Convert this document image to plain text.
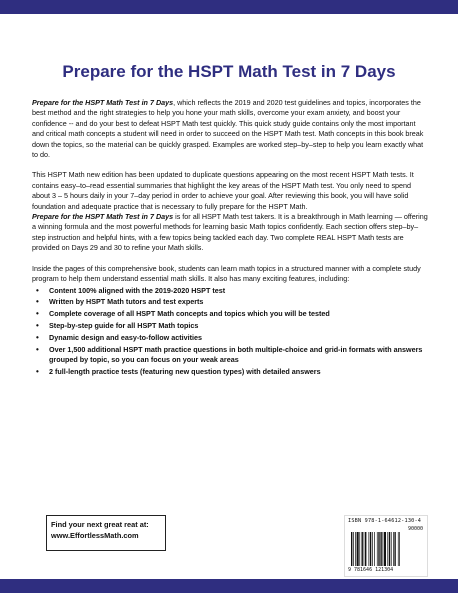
Prepare for the HSPT Math Test in 7 Days

Prepare for the HSPT Math Test in 7 Days, which reflects the 2019 and 2020 test guidelines and topics, incorporates the best method and the right strategies to help you hone your math skills, overcome your exam anxiety, and boost your confidence -- and do your best to defeat HSPT Math test quickly. This quick study guide contains only the most important and critical math concepts a student will need in order to succeed on the HSPT Math test. Math concepts in this book break down the topics, so the material can be quickly grasped. Examples are worked step–by–step to help you learn exactly what to do.

This HSPT Math new edition has been updated to duplicate questions appearing on the most recent HSPT Math tests. It contains easy–to–read essential summaries that highlight the key areas of the HSPT Math test. You only need to spend about 3 – 5 hours daily in your 7–day period in order to achieve your goal. After reviewing this book, you will have solid foundation and adequate practice that is necessary to fully prepare for the HSPT Math.

Prepare for the HSPT Math Test in 7 Days is for all HSPT Math test takers. It is a breakthrough in Math learning — offering a winning formula and the most powerful methods for learning basic Math topics confidently. Each section offers step–by–step instruction and helpful hints, with a few topics being tackled each day. Two complete REAL HSPT Math tests are provided on Days 29 and 30 to refine your Math skills.

Inside the pages of this comprehensive book, students can learn math topics in a structured manner with a complete study program to help them understand essential math skills. It also has many exciting features, including:

• Content 100% aligned with the 2019-2020 HSPT test
• Written by HSPT Math tutors and test experts
• Complete coverage of all HSPT Math concepts and topics which you will be tested
• Step-by-step guide for all HSPT Math topics
• Dynamic design and easy-to-follow activities
• Over 1,500 additional HSPT math practice questions in both multiple-choice and grid-in formats with answers grouped by topic, so you can focus on your weak areas
• 2 full-length practice tests (featuring new question types) with detailed answers
Find your next great reat at:
www.EffortlessMath.com
ISBN 978-1-64612-130-4
90000
9 781646 121304
